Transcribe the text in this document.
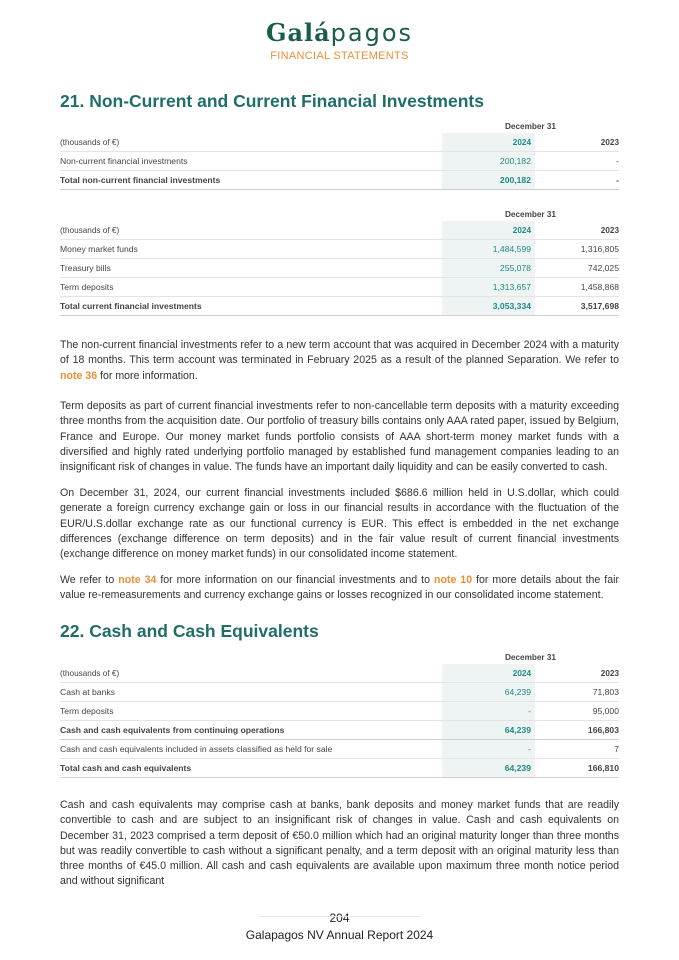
Galápagos
FINANCIAL STATEMENTS
21. Non-Current and Current Financial Investments
	December 31	
(thousands of €)	2024	2023
Non-current financial investments	200,182	-
Total non-current financial investments	200,182	-
	December 31	
(thousands of €)	2024	2023
Money market funds	1,484,599	1,316,805
Treasury bills	255,078	742,025
Term deposits	1,313,657	1,458,868
Total current financial investments	3,053,334	3,517,698

The non-current financial investments refer to a new term account that was acquired in December 2024 with a maturity of 18 months. This term account was terminated in February 2025 as a result of the planned Separation. We refer to note 36 for more information.

Term deposits as part of current financial investments refer to non-cancellable term deposits with a maturity exceeding three months from the acquisition date. Our portfolio of treasury bills contains only AAA rated paper, issued by Belgium, France and Europe. Our money market funds portfolio consists of AAA short-term money market funds with a diversified and highly rated underlying portfolio managed by established fund management companies leading to an insignificant risk of changes in value. The funds have an important daily liquidity and can be easily converted to cash.

On December 31, 2024, our current financial investments included $686.6 million held in U.S.dollar, which could generate a foreign currency exchange gain or loss in our financial results in accordance with the fluctuation of the EUR/U.S.dollar exchange rate as our functional currency is EUR. This effect is embedded in the net exchange differences (exchange difference on term deposits) and in the fair value result of current financial investments (exchange difference on money market funds) in our consolidated income statement.

We refer to note 34 for more information on our financial investments and to note 10 for more details about the fair value re-remeasurements and currency exchange gains or losses recognized in our consolidated income statement.

22. Cash and Cash Equivalents
	December 31	
(thousands of €)	2024	2023
Cash at banks	64,239	71,803
Term deposits	-	95,000
Cash and cash equivalents from continuing operations	64,239	166,803
Cash and cash equivalents included in assets classified as held for sale	-	7
Total cash and cash equivalents	64,239	166,810

Cash and cash equivalents may comprise cash at banks, bank deposits and money market funds that are readily convertible to cash and are subject to an insignificant risk of changes in value. Cash and cash equivalents on December 31, 2023 comprised a term deposit of €50.0 million which had an original maturity longer than three months but was readily convertible to cash without a significant penalty, and a term deposit with an original maturity less than three months of €45.0 million. All cash and cash equivalents are available upon maximum three month notice period and without significant

204
Galapagos NV Annual Report 2024
